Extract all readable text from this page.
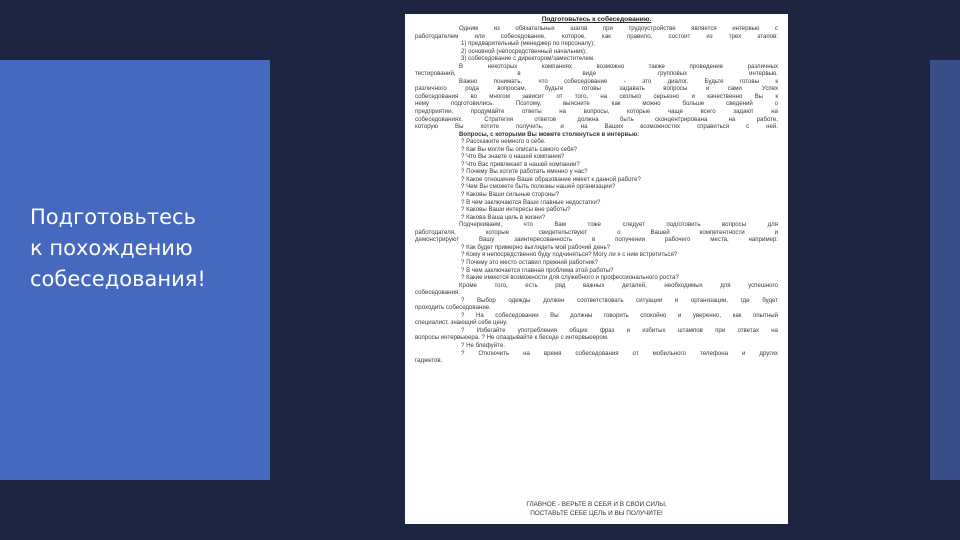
Подготовьтесь
к похождению
собеседования!
Подготовьтесь к собеседованию.
Одним из обязательных шагов при трудоустройстве является интервью с
работодателем или собеседование, которое, как правило, состоит из трех этапов:
1) предварительный (менеджер по персоналу);
2) основной (непосредственный начальник);
3) собеседование с директором/заместителем.
В некоторых компаниях возможно также проведение различных
тестирований, в виде групповых интервью.
Важно понимать, что собеседование - это диалог. Будьте готовы к
различного рода вопросам, будьте готовы задавать вопросы и сами. Успех
собеседования во многом зависит от того, на сколько серьезно и качественно Вы к
нему подготовились. Поэтому, выясните как можно больше сведений о
предприятии, продумайте ответы на вопросы, которые чаще всего задают на
собеседованиях. Стратегия ответов должна быть сконцентрирована на работе,
которую Вы хотите получить, и на Ваших возможностях справиться с ней.
Вопросы, с которыми Вы можете столкнуться в интервью:
? Расскажите немного о себе.
? Как Вы могли бы описать самого себя?
? Что Вы знаете о нашей компании?
? Что Вас привлекает в нашей компании?
? Почему Вы хотите работать именно у нас?
? Какое отношение Ваше образование имеет к данной работе?
? Чем Вы сможете быть полезны нашей организации?
? Каковы Ваши сильные стороны?
? В чем заключаются Ваши главные недостатки?
? Каковы Ваши интересы вне работы?
? Какова Ваша цель в жизни?
Подчеркиваем, что Вам тоже следует подготовить вопросы для
работодателя, которые свидетельствуют о Вашей компетентности и
демонстрируют Вашу заинтересованность в получении рабочего места, например:
? Как будет примерно выглядеть мой рабочий день?
? Кому я непосредственно буду подчиняться? Могу ли я с ним встретиться?
? Почему это место оставил прежний работник?
? В чем заключается главная проблема этой работы?
? Какие имеются возможности для служебного и профессионального роста?
Кроме того, есть ряд важных деталей, необходимых для успешного
собеседования:
? Выбор одежды должен соответствовать ситуации и организации, где будет
проходить собеседование.
? На собеседовании Вы должны говорить спокойно и уверенно, как опытный
специалист, знающий себе цену.
? Избегайте употребления общих фраз и избитых штампов при ответах на
вопросы интервьюера. ? Не опаздывайте к беседе с интервьюером.
? Не блефуйте.
? Отключить на время собеседования от мобильного телефона и других
гаджетов.
ГЛАВНОЕ - ВЕРЬТЕ В СЕБЯ И В СВОИ СИЛЫ,
ПОСТАВЬТЕ СЕБЕ ЦЕЛЬ И ВЫ ПОЛУЧИТЕ!
